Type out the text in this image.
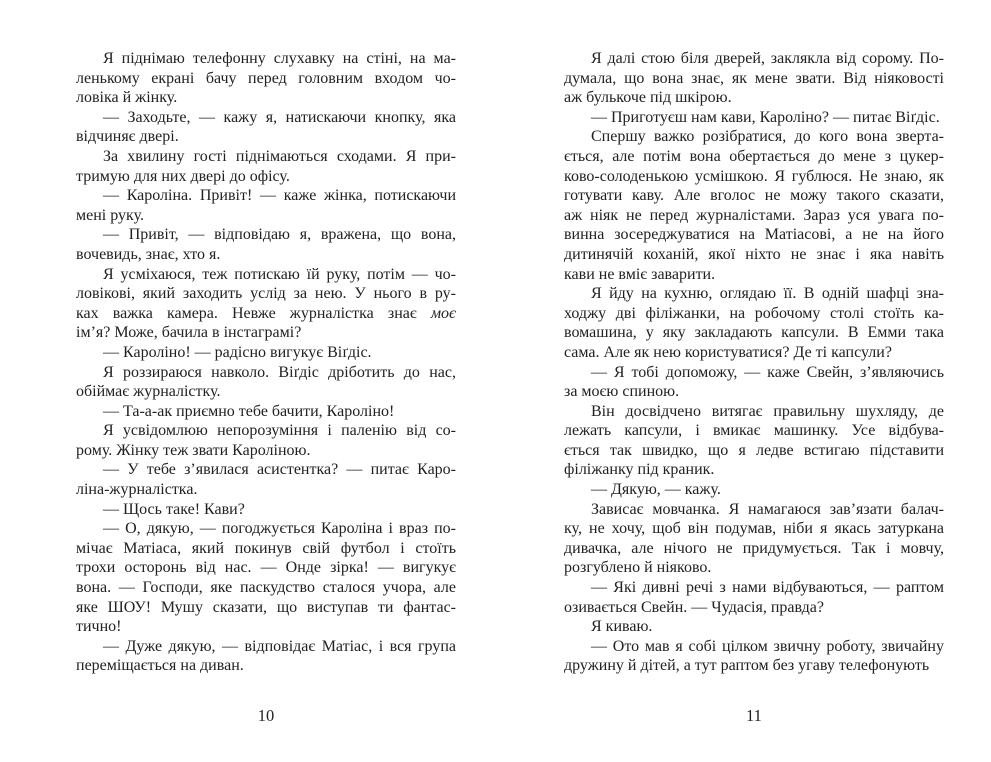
Я піднімаю телефонну слухавку на стіні, на ма-
ленькому екрані бачу перед головним входом чо-
ловіка й жінку.

— Заходьте, — кажу я, натискаючи кнопку, яка
відчиняє двері.

За хвилину гості піднімаються сходами. Я при-
тримую для них двері до офісу.

— Кароліна. Привіт! — каже жінка, потискаючи
мені руку.

— Привіт, — відповідаю я, вражена, що вона,
вочевидь, знає, хто я.

Я усміхаюся, теж потискаю їй руку, потім — чо-
ловікові, який заходить услід за нею. У нього в ру-
ках важка камера. Невже журналістка знає моє
ім’я? Може, бачила в інстаграмі?

— Кароліно! — радісно вигукує Віґдіс.

Я роззираюся навколо. Віґдіс дріботить до нас,
обіймає журналістку.

— Та-а-ак приємно тебе бачити, Кароліно!

Я усвідомлюю непорозуміння і паленію від со-
рому. Жінку теж звати Кароліною.

— У тебе з’явилася асистентка? — питає Каро-
ліна-журналістка.

— Щось таке! Кави?

— О, дякую, — погоджується Кароліна і враз по-
мічає Матіаса, який покинув свій футбол і стоїть
трохи осторонь від нас. — Онде зірка! — вигукує
вона. — Господи, яке паскудство сталося учора, але
яке ШОУ! Мушу сказати, що виступав ти фантас-
тично!

— Дуже дякую, — відповідає Матіас, і вся група
переміщається на диван.

Я далі стою біля дверей, заклякла від сорому. По-
думала, що вона знає, як мене звати. Від ніяковості
аж булькоче під шкірою.

— Приготуєш нам кави, Кароліно? — питає Віґдіс.

Спершу важко розібратися, до кого вона зверта-
ється, але потім вона обертається до мене з цукер-
ково-солоденькою усмішкою. Я гублюся. Не знаю, як
готувати каву. Але вголос не можу такого сказати,
аж ніяк не перед журналістами. Зараз уся увага по-
винна зосереджуватися на Матіасові, а не на його
дитинячій коханій, якої ніхто не знає і яка навіть
кави не вміє заварити.

Я йду на кухню, оглядаю її. В одній шафці зна-
ходжу дві філіжанки, на робочому столі стоїть ка-
вомашина, у яку закладають капсули. В Емми така
сама. Але як нею користуватися? Де ті капсули?

— Я тобі допоможу, — каже Свейн, з’являючись
за моєю спиною.

Він досвідчено витягає правильну шухляду, де
лежать капсули, і вмикає машинку. Усе відбува-
ється так швидко, що я ледве встигаю підставити
філіжанку під краник.

— Дякую, — кажу.

Зависає мовчанка. Я намагаюся зав’язати балач-
ку, не хочу, щоб він подумав, ніби я якась затуркана
дивачка, але нічого не придумується. Так і мовчу,
розгублено й ніяково.

— Які дивні речі з нами відбуваються, — раптом
озивається Свейн. — Чудасія, правда?

Я киваю.

— Ото мав я собі цілком звичну роботу, звичайну
дружину й дітей, а тут раптом без угаву телефонують

10	11
